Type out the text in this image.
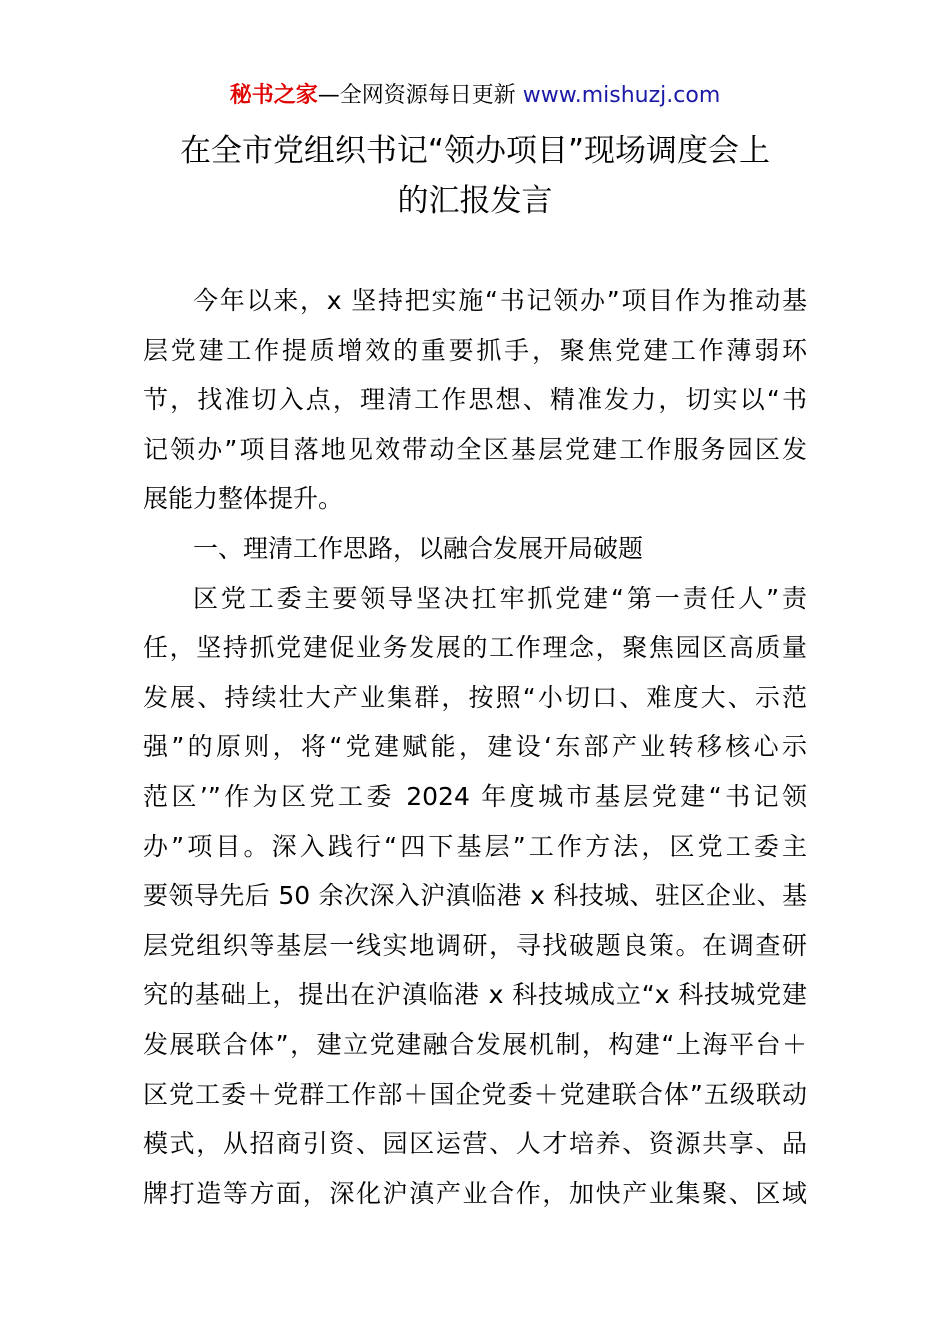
秘书之家—全网资源每日更新 www.mishuzj.com
在全市党组织书记“领办项目”现场调度会上
的汇报发言
今年以来，x 坚持把实施“书记领办”项目作为推动基
层党建工作提质增效的重要抓手，聚焦党建工作薄弱环
节，找准切入点，理清工作思想、精准发力，切实以“书
记领办”项目落地见效带动全区基层党建工作服务园区发
展能力整体提升。
一、理清工作思路，以融合发展开局破题
区党工委主要领导坚决扛牢抓党建“第一责任人”责
任，坚持抓党建促业务发展的工作理念，聚焦园区高质量
发展、持续壮大产业集群，按照“小切口、难度大、示范
强”的原则，将“党建赋能，建设‘东部产业转移核心示
范区’”作为区党工委 2024 年度城市基层党建“书记领
办”项目。深入践行“四下基层”工作方法，区党工委主
要领导先后 50 余次深入沪滇临港 x 科技城、驻区企业、基
层党组织等基层一线实地调研，寻找破题良策。在调查研
究的基础上，提出在沪滇临港 x 科技城成立“x 科技城党建
发展联合体”，建立党建融合发展机制，构建“上海平台＋
区党工委＋党群工作部＋国企党委＋党建联合体”五级联动
模式，从招商引资、园区运营、人才培养、资源共享、品
牌打造等方面，深化沪滇产业合作，加快产业集聚、区域
